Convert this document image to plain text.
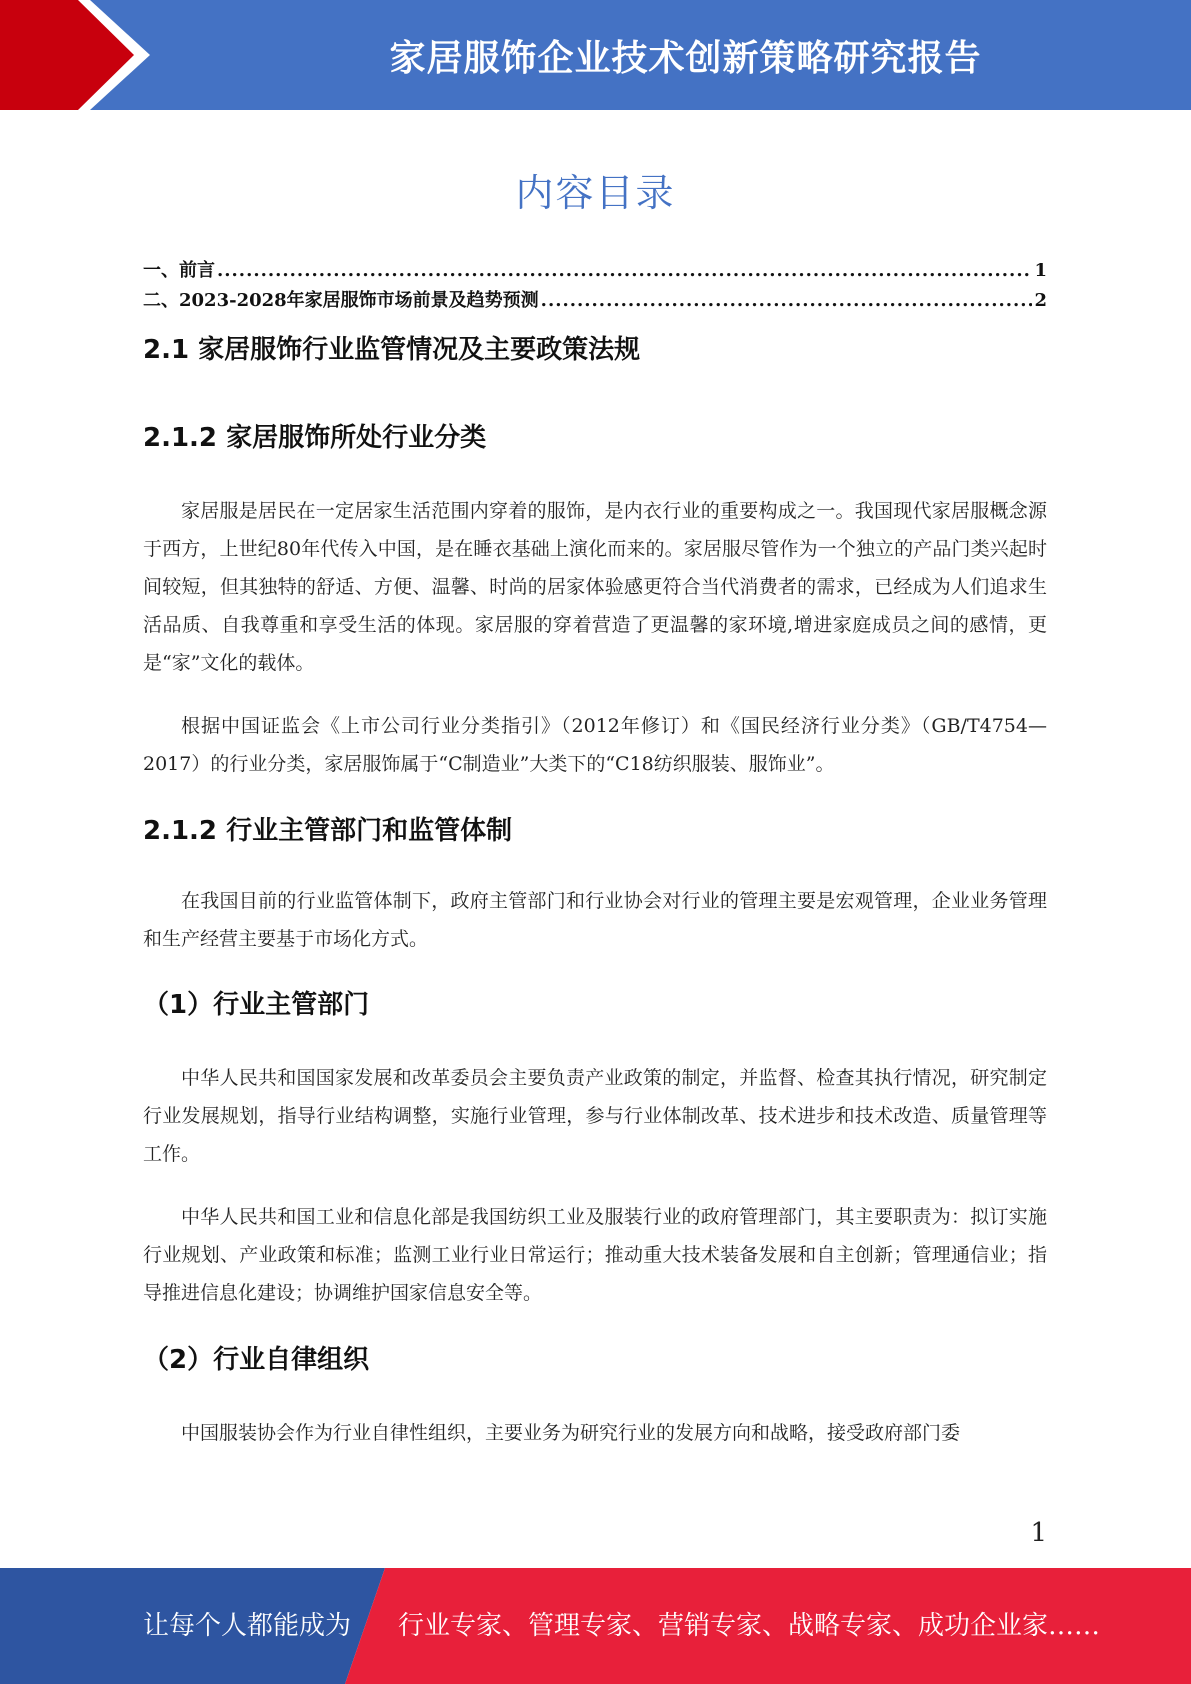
家居服饰企业技术创新策略研究报告
内容目录
一、前言 .....	1
二、2023-2028年家居服饰市场前景及趋势预测 .....	2
2.1 家居服饰行业监管情况及主要政策法规
2.1.2 家居服饰所处行业分类

家居服是居民在一定居家生活范围内穿着的服饰，是内衣行业的重要构成之一。我国现代家居服概念源于西方，上世纪80年代传入中国，是在睡衣基础上演化而来的。家居服尽管作为一个独立的产品门类兴起时间较短，但其独特的舒适、方便、温馨、时尚的居家体验感更符合当代消费者的需求，已经成为人们追求生活品质、自我尊重和享受生活的体现。家居服的穿着营造了更温馨的家环境,增进家庭成员之间的感情，更是“家”文化的载体。

根据中国证监会《上市公司行业分类指引》（2012年修订）和《国民经济行业分类》（GB/T4754—2017）的行业分类，家居服饰属于“C制造业”大类下的“C18纺织服装、服饰业”。

2.1.2 行业主管部门和监管体制

在我国目前的行业监管体制下，政府主管部门和行业协会对行业的管理主要是宏观管理，企业业务管理和生产经营主要基于市场化方式。

（1）行业主管部门

中华人民共和国国家发展和改革委员会主要负责产业政策的制定，并监督、检查其执行情况，研究制定行业发展规划，指导行业结构调整，实施行业管理，参与行业体制改革、技术进步和技术改造、质量管理等工作。

中华人民共和国工业和信息化部是我国纺织工业及服装行业的政府管理部门，其主要职责为：拟订实施行业规划、产业政策和标准；监测工业行业日常运行；推动重大技术装备发展和自主创新；管理通信业；指导推进信息化建设；协调维护国家信息安全等。

（2）行业自律组织

中国服装协会作为行业自律性组织，主要业务为研究行业的发展方向和战略，接受政府部门委

1
让每个人都能成为 行业专家、管理专家、营销专家、战略专家、成功企业家……
